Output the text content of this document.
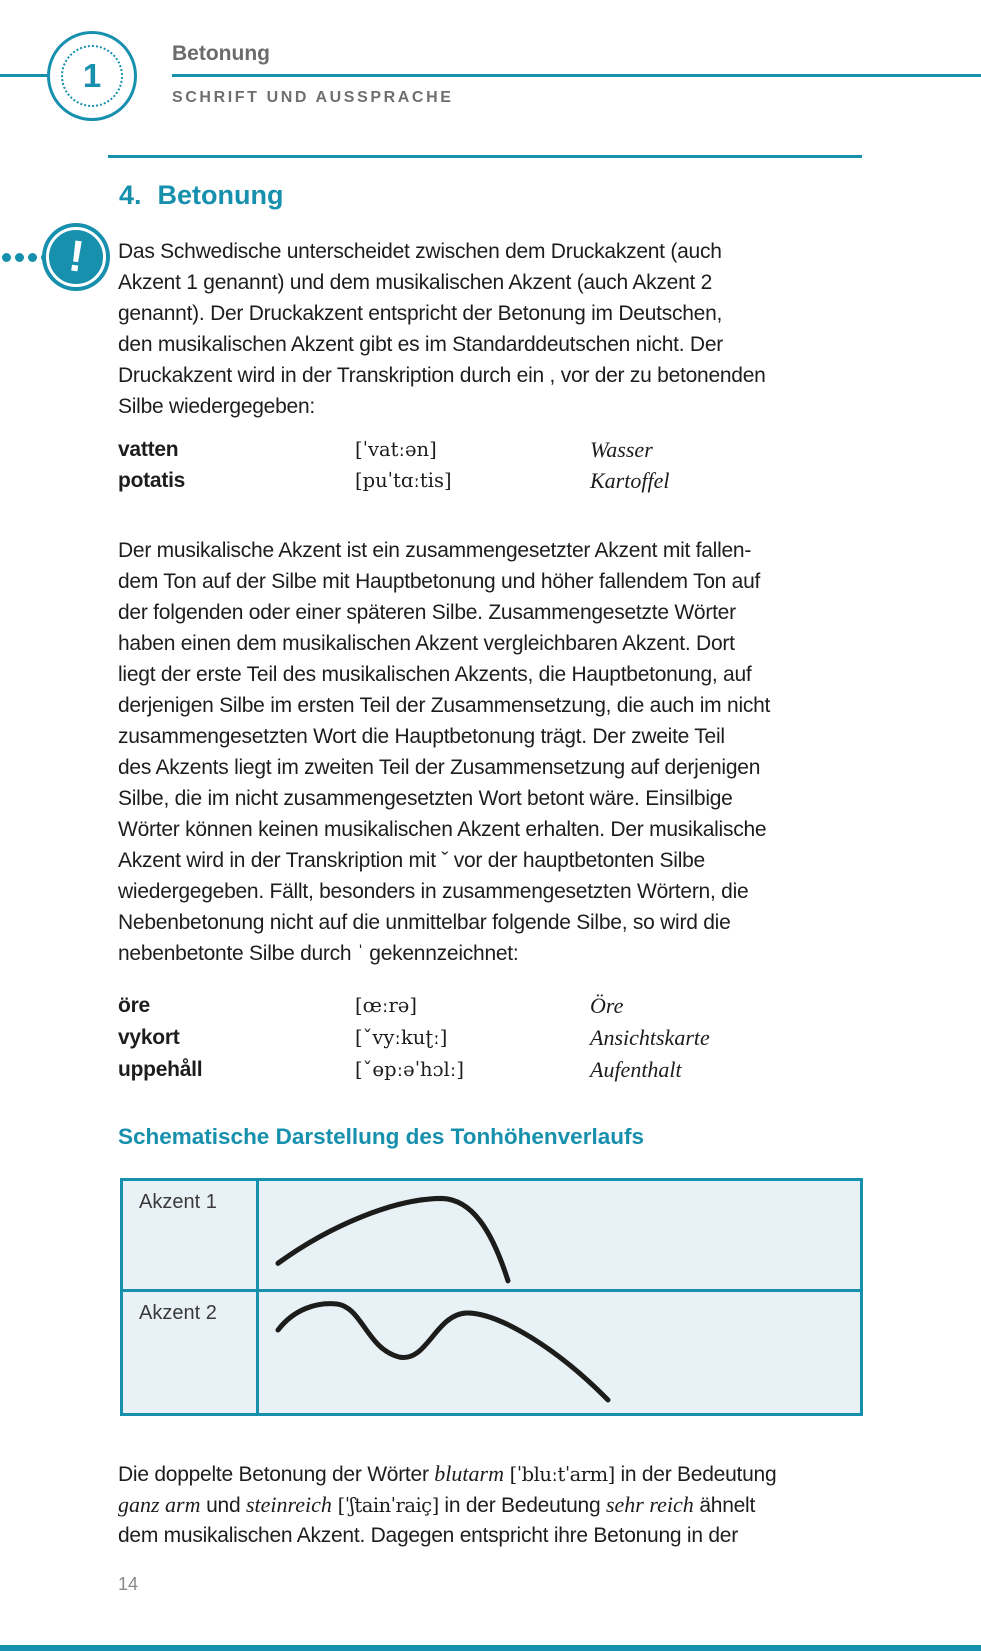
1
Betonung
SCHRIFT UND AUSSPRACHE
4. Betonung
! Das Schwedische unterscheidet zwischen dem Druckakzent (auch
Akzent 1 genannt) und dem musikalischen Akzent (auch Akzent 2
genannt). Der Druckakzent entspricht der Betonung im Deutschen,
den musikalischen Akzent gibt es im Standarddeutschen nicht. Der
Druckakzent wird in der Transkription durch ein , vor der zu betonenden
Silbe wiedergegeben:
vatten	[ˈvatːən]	Wasser
potatis	[puˈtɑːtis]	Kartoffel
Der musikalische Akzent ist ein zusammengesetzter Akzent mit fallen-
dem Ton auf der Silbe mit Hauptbetonung und höher fallendem Ton auf
der folgenden oder einer späteren Silbe. Zusammengesetzte Wörter
haben einen dem musikalischen Akzent vergleichbaren Akzent. Dort
liegt der erste Teil des musikalischen Akzents, die Hauptbetonung, auf
derjenigen Silbe im ersten Teil der Zusammensetzung, die auch im nicht
zusammengesetzten Wort die Hauptbetonung trägt. Der zweite Teil
des Akzents liegt im zweiten Teil der Zusammensetzung auf derjenigen
Silbe, die im nicht zusammengesetzten Wort betont wäre. Einsilbige
Wörter können keinen musikalischen Akzent erhalten. Der musikalische
Akzent wird in der Transkription mit ˇ vor der hauptbetonten Silbe
wiedergegeben. Fällt, besonders in zusammengesetzten Wörtern, die
Nebenbetonung nicht auf die unmittelbar folgende Silbe, so wird die
nebenbetonte Silbe durch ˈ gekennzeichnet:
öre	[œːrə]	Öre
vykort	[ˇvyːkuʈː]	Ansichtskarte
uppehåll	[ˇɵpːəˈhɔlː]	Aufenthalt
Schematische Darstellung des Tonhöhenverlaufs
Akzent 1
Akzent 2
Die doppelte Betonung der Wörter blutarm [ˈbluːtˈarm] in der Bedeutung
ganz arm und steinreich [ˈʃtainˈraiç] in der Bedeutung sehr reich ähnelt
dem musikalischen Akzent. Dagegen entspricht ihre Betonung in der
14
